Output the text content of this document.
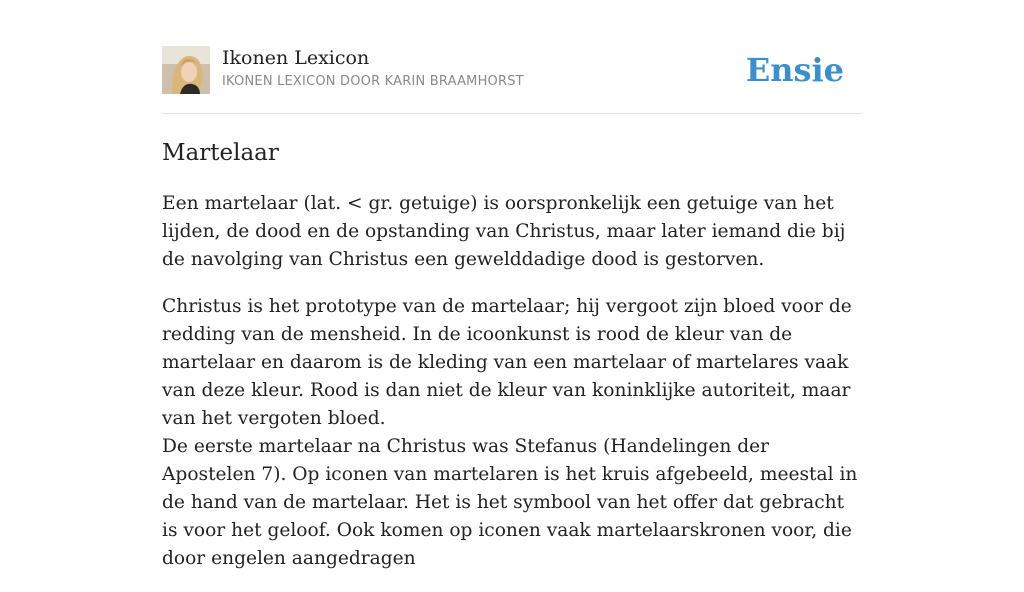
Ikonen Lexicon
IKONEN LEXICON DOOR KARIN BRAAMHORST	Ensie
Martelaar

Een martelaar (lat. < gr. getuige) is oorspronkelijk een getuige van het lijden, de dood en de opstanding van Christus, maar later iemand die bij de navolging van Christus een gewelddadige dood is gestorven.

Christus is het prototype van de martelaar; hij vergoot zijn bloed voor de redding van de mensheid. In de icoonkunst is rood de kleur van de martelaar en daarom is de kleding van een martelaar of martelares vaak van deze kleur. Rood is dan niet de kleur van koninklijke autoriteit, maar van het vergoten bloed.
De eerste martelaar na Christus was Stefanus (Handelingen der Apostelen 7). Op iconen van martelaren is het kruis afgebeeld, meestal in de hand van de martelaar. Het is het symbool van het offer dat gebracht is voor het geloof. Ook komen op iconen vaak martelaarskronen voor, die door engelen aangedragen
